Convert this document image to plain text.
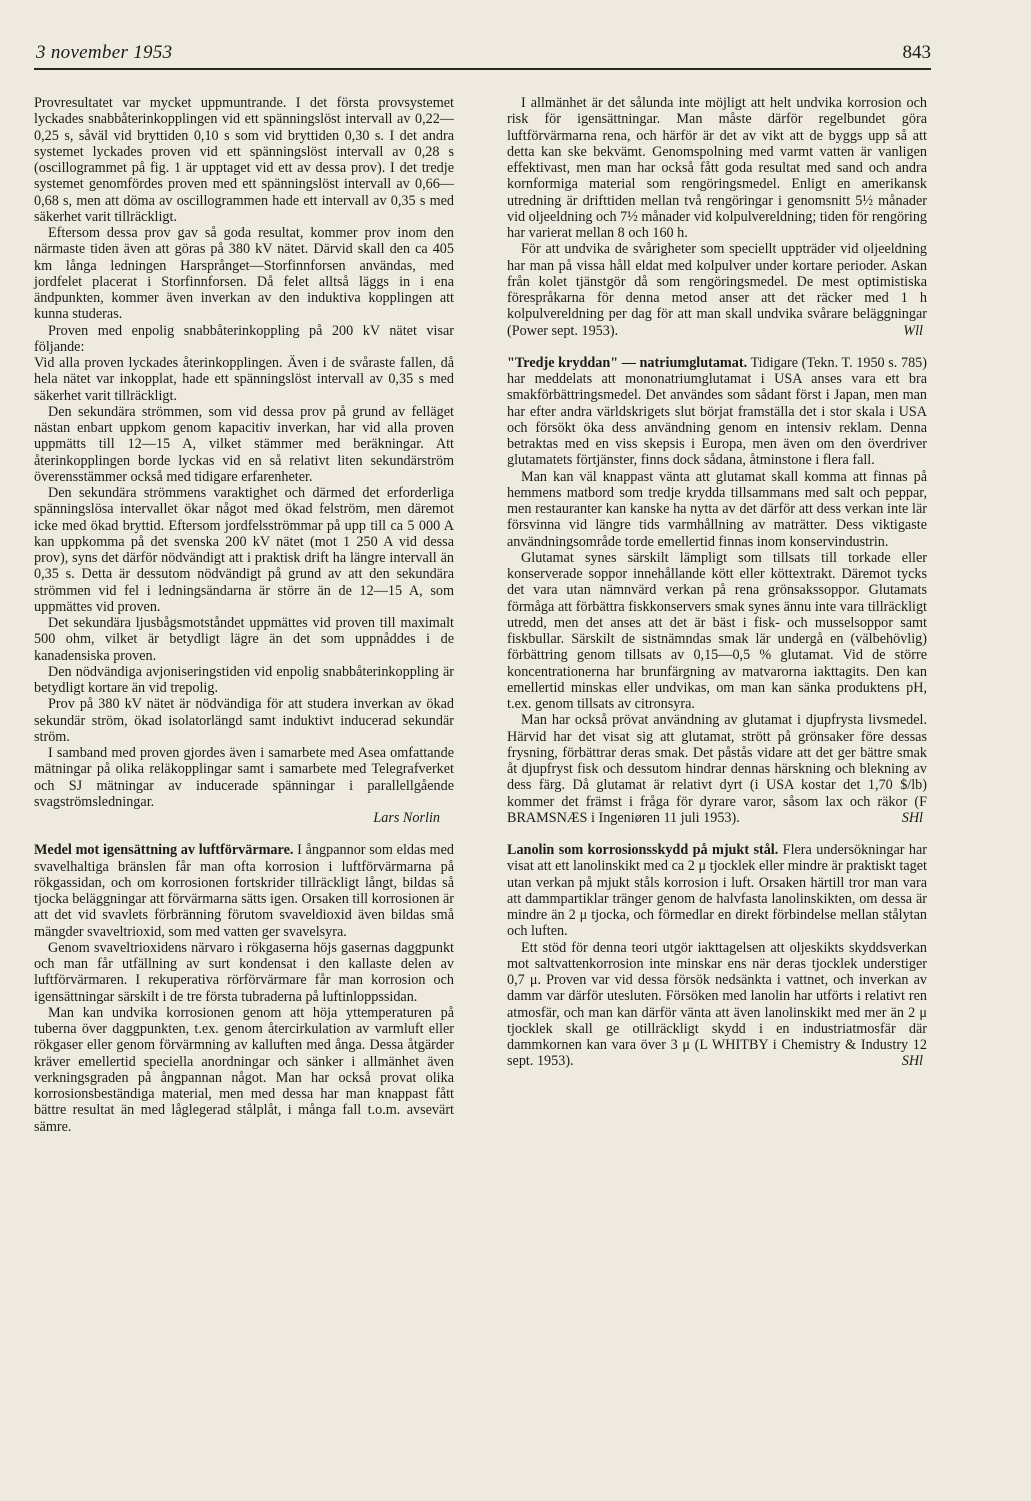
3 november 1953	843

Provresultatet var mycket uppmuntrande. I det första provsystemet lyckades snabbåterinkopplingen vid ett spänningslöst intervall av 0,22—0,25 s, såväl vid bryttiden 0,10 s som vid bryttiden 0,30 s. I det andra systemet lyckades proven vid ett spänningslöst intervall av 0,28 s (oscillogrammet på fig. 1 är upptaget vid ett av dessa prov). I det tredje systemet genomfördes proven med ett spänningslöst intervall av 0,66—0,68 s, men att döma av oscillogrammen hade ett intervall av 0,35 s med säkerhet varit tillräckligt.

Eftersom dessa prov gav så goda resultat, kommer prov inom den närmaste tiden även att göras på 380 kV nätet. Därvid skall den ca 405 km långa ledningen Harsprånget—Storfinnforsen användas, med jordfelet placerat i Storfinnforsen. Då felet alltså läggs in i ena ändpunkten, kommer även inverkan av den induktiva kopplingen att kunna studeras.

Proven med enpolig snabbåterinkoppling på 200 kV nätet visar följande:

Vid alla proven lyckades återinkopplingen. Även i de svåraste fallen, då hela nätet var inkopplat, hade ett spänningslöst intervall av 0,35 s med säkerhet varit tillräckligt.

Den sekundära strömmen, som vid dessa prov på grund av felläget nästan enbart uppkom genom kapacitiv inverkan, har vid alla proven uppmätts till 12—15 A, vilket stämmer med beräkningar. Att återinkopplingen borde lyckas vid en så relativt liten sekundärström överensstämmer också med tidigare erfarenheter.

Den sekundära strömmens varaktighet och därmed det erforderliga spänningslösa intervallet ökar något med ökad felström, men däremot icke med ökad bryttid. Eftersom jordfelsströmmar på upp till ca 5 000 A kan uppkomma på det svenska 200 kV nätet (mot 1 250 A vid dessa prov), syns det därför nödvändigt att i praktisk drift ha längre intervall än 0,35 s. Detta är dessutom nödvändigt på grund av att den sekundära strömmen vid fel i ledningsändarna är större än de 12—15 A, som uppmättes vid proven.

Det sekundära ljusbågsmotståndet uppmättes vid proven till maximalt 500 ohm, vilket är betydligt lägre än det som uppnåddes i de kanadensiska proven.

Den nödvändiga avjoniseringstiden vid enpolig snabbåterinkoppling är betydligt kortare än vid trepolig.

Prov på 380 kV nätet är nödvändiga för att studera inverkan av ökad sekundär ström, ökad isolatorlängd samt induktivt inducerad sekundär ström.

I samband med proven gjordes även i samarbete med Asea omfattande mätningar på olika reläkopplingar samt i samarbete med Telegrafverket och SJ mätningar av inducerade spänningar i parallellgående svagströmsledningar.

Lars Norlin

Medel mot igensättning av luftförvärmare. I ångpannor som eldas med svavelhaltiga bränslen får man ofta korrosion i luftförvärmarna på rökgassidan, och om korrosionen fortskrider tillräckligt långt, bildas så tjocka beläggningar att förvärmarna sätts igen. Orsaken till korrosionen är att det vid svavlets förbränning förutom svaveldioxid även bildas små mängder svaveltrioxid, som med vatten ger svavelsyra.

Genom svaveltrioxidens närvaro i rökgaserna höjs gasernas daggpunkt och man får utfällning av surt kondensat i den kallaste delen av luftförvärmaren. I rekuperativa rörförvärmare får man korrosion och igensättningar särskilt i de tre första tubraderna på luftinloppssidan.

Man kan undvika korrosionen genom att höja yttemperaturen på tuberna över daggpunkten, t.ex. genom återcirkulation av varmluft eller rökgaser eller genom förvärmning av kalluften med ånga. Dessa åtgärder kräver emellertid speciella anordningar och sänker i allmänhet även verkningsgraden på ångpannan något. Man har också provat olika korrosionsbeständiga material, men med dessa har man knappast fått bättre resultat än med låglegerad stålplåt, i många fall t.o.m. avsevärt sämre.

I allmänhet är det sålunda inte möjligt att helt undvika korrosion och risk för igensättningar. Man måste därför regelbundet göra luftförvärmarna rena, och härför är det av vikt att de byggs upp så att detta kan ske bekvämt. Genomspolning med varmt vatten är vanligen effektivast, men man har också fått goda resultat med sand och andra kornformiga material som rengöringsmedel. Enligt en amerikansk utredning är drifttiden mellan två rengöringar i genomsnitt 5½ månader vid oljeeldning och 7½ månader vid kolpulvereldning; tiden för rengöring har varierat mellan 8 och 160 h.

För att undvika de svårigheter som speciellt uppträder vid oljeeldning har man på vissa håll eldat med kolpulver under kortare perioder. Askan från kolet tjänstgör då som rengöringsmedel. De mest optimistiska förespråkarna för denna metod anser att det räcker med 1 h kolpulvereldning per dag för att man skall undvika svårare beläggningar (Power sept. 1953).	Wll

"Tredje kryddan" — natriumglutamat. Tidigare (Tekn. T. 1950 s. 785) har meddelats att mononatriumglutamat i USA anses vara ett bra smakförbättringsmedel. Det användes som sådant först i Japan, men man har efter andra världskrigets slut börjat framställa det i stor skala i USA och försökt öka dess användning genom en intensiv reklam. Denna betraktas med en viss skepsis i Europa, men även om den överdriver glutamatets förtjänster, finns dock sådana, åtminstone i flera fall.

Man kan väl knappast vänta att glutamat skall komma att finnas på hemmens matbord som tredje krydda tillsammans med salt och peppar, men restauranter kan kanske ha nytta av det därför att dess verkan inte lär försvinna vid längre tids varmhållning av maträtter. Dess viktigaste användningsområde torde emellertid finnas inom konservindustrin.

Glutamat synes särskilt lämpligt som tillsats till torkade eller konserverade soppor innehållande kött eller köttextrakt. Däremot tycks det vara utan nämnvärd verkan på rena grönsakssoppor. Glutamats förmåga att förbättra fiskkonservers smak synes ännu inte vara tillräckligt utredd, men det anses att det är bäst i fisk- och musselsoppor samt fiskbullar. Särskilt de sistnämndas smak lär undergå en (välbehövlig) förbättring genom tillsats av 0,15—0,5 % glutamat. Vid de större koncentrationerna har brunfärgning av matvarorna iakttagits. Den kan emellertid minskas eller undvikas, om man kan sänka produktens pH, t.ex. genom tillsats av citronsyra.

Man har också prövat användning av glutamat i djupfrysta livsmedel. Härvid har det visat sig att glutamat, strött på grönsaker före dessas frysning, förbättrar deras smak. Det påstås vidare att det ger bättre smak åt djupfryst fisk och dessutom hindrar dennas härskning och blekning av dess färg. Då glutamat är relativt dyrt (i USA kostar det 1,70 $/lb) kommer det främst i fråga för dyrare varor, såsom lax och räkor (F BRAMSNÆS i Ingeniøren 11 juli 1953).	SHl

Lanolin som korrosionsskydd på mjukt stål. Flera undersökningar har visat att ett lanolinskikt med ca 2 μ tjocklek eller mindre är praktiskt taget utan verkan på mjukt ståls korrosion i luft. Orsaken härtill tror man vara att dammpartiklar tränger genom de halvfasta lanolinskikten, om dessa är mindre än 2 μ tjocka, och förmedlar en direkt förbindelse mellan stålytan och luften.

Ett stöd för denna teori utgör iakttagelsen att oljeskikts skyddsverkan mot saltvattenkorrosion inte minskar ens när deras tjocklek understiger 0,7 μ. Proven var vid dessa försök nedsänkta i vattnet, och inverkan av damm var därför utesluten. Försöken med lanolin har utförts i relativt ren atmosfär, och man kan därför vänta att även lanolinskikt med mer än 2 μ tjocklek skall ge otillräckligt skydd i en industriatmosfär där dammkornen kan vara över 3 μ (L WHITBY i Chemistry & Industry 12 sept. 1953).	SHl
